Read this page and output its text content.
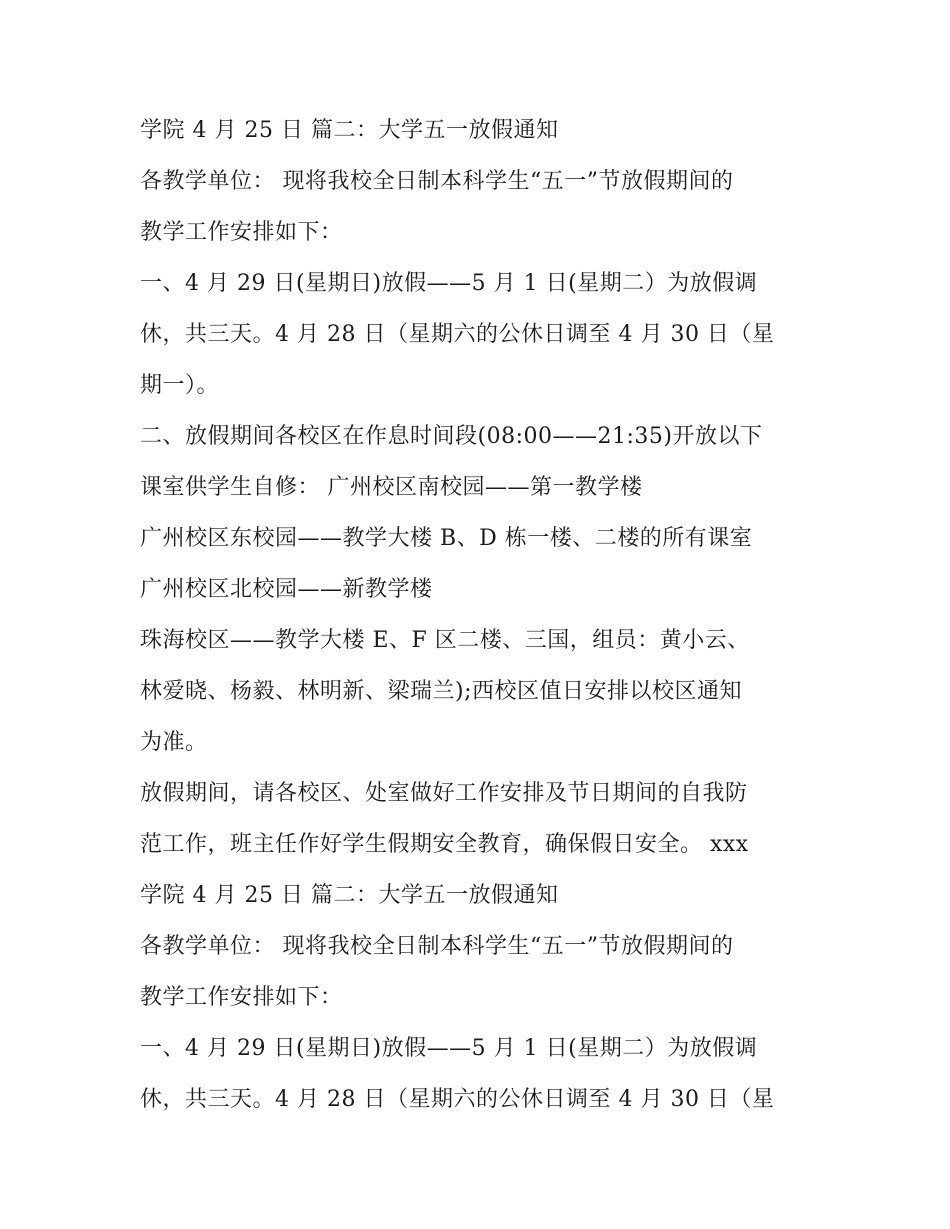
学院 4 月 25 日 篇二：大学五一放假通知
各教学单位： 现将我校全日制本科学生“五一”节放假期间的
教学工作安排如下：
一、4 月 29 日(星期日)放假——5 月 1 日(星期二）为放假调
休，共三天。4 月 28 日（星期六的公休日调至 4 月 30 日（星
期一）。
二、放假期间各校区在作息时间段(08:00——21:35)开放以下
课室供学生自修： 广州校区南校园——第一教学楼
广州校区东校园——教学大楼 B、D 栋一楼、二楼的所有课室
广州校区北校园——新教学楼
珠海校区——教学大楼 E、F 区二楼、三国，组员：黄小云、
林爱晓、杨毅、林明新、梁瑞兰);西校区值日安排以校区通知
为准。
放假期间，请各校区、处室做好工作安排及节日期间的自我防
范工作，班主任作好学生假期安全教育，确保假日安全。 xxx
学院 4 月 25 日 篇二：大学五一放假通知
各教学单位： 现将我校全日制本科学生“五一”节放假期间的
教学工作安排如下：
一、4 月 29 日(星期日)放假——5 月 1 日(星期二）为放假调
休，共三天。4 月 28 日（星期六的公休日调至 4 月 30 日（星
